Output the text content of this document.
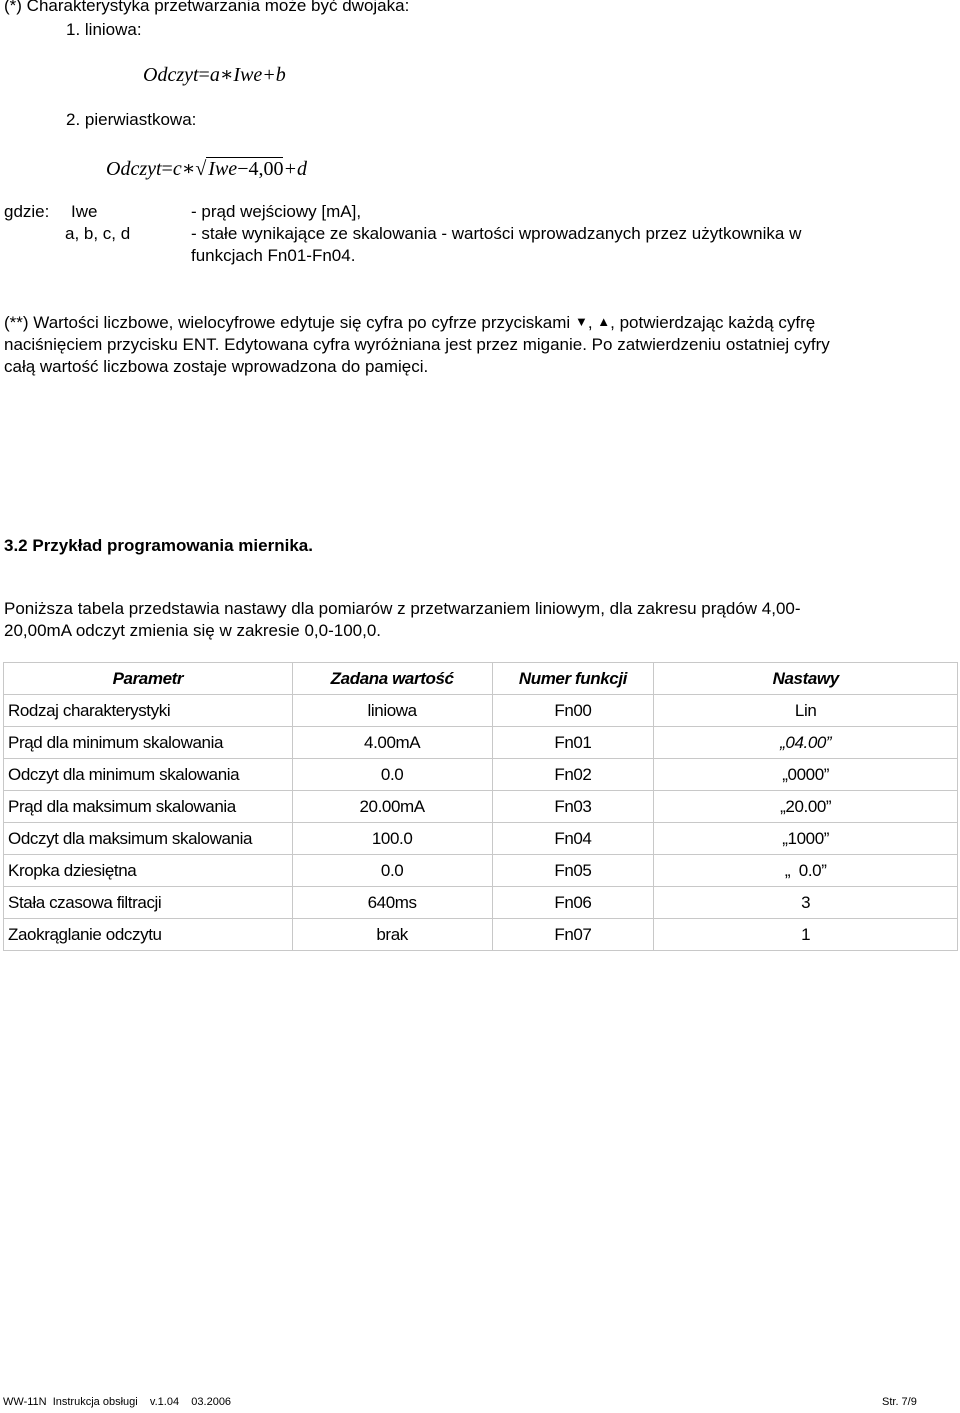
(*) Charakterystyka przetwarzania może być dwojaka:
1. liniowa:
Odczyt=a∗Iwe+b
2. pierwiastkowa:
Odczyt=c∗√ Iwe−4,00+d
gdzie: Iwe	- prąd wejściowy [mA],
a, b, c, d	- stałe wynikające ze skalowania - wartości wprowadzanych przez użytkownika w
funkcjach Fn01-Fn04.
(**) Wartości liczbowe, wielocyfrowe edytuje się cyfra po cyfrze przyciskami ▼, ▲, potwierdzając każdą cyfrę
naciśnięciem przycisku ENT. Edytowana cyfra wyróżniana jest przez miganie. Po zatwierdzeniu ostatniej cyfry
całą wartość liczbowa zostaje wprowadzona do pamięci.
3.2 Przykład programowania miernika.
Poniższa tabela przedstawia nastawy dla pomiarów z przetwarzaniem liniowym, dla zakresu prądów 4,00-
20,00mA odczyt zmienia się w zakresie 0,0-100,0.
Parametr	Zadana wartość	Numer funkcji	Nastawy
Rodzaj charakterystyki	liniowa	Fn00	Lin
Prąd dla minimum skalowania	4.00mA	Fn01	„04.00”
Odczyt dla minimum skalowania	0.0	Fn02	„0000”
Prąd dla maksimum skalowania	20.00mA	Fn03	„20.00”
Odczyt dla maksimum skalowania	100.0	Fn04	„1000”
Kropka dziesiętna	0.0	Fn05	„  0.0”
Stała czasowa filtracji	640ms	Fn06	3
Zaokrąglanie odczytu	brak	Fn07	1
WW-11N  Instrukcja obsługi    v.1.04    03.2006	Str. 7/9
